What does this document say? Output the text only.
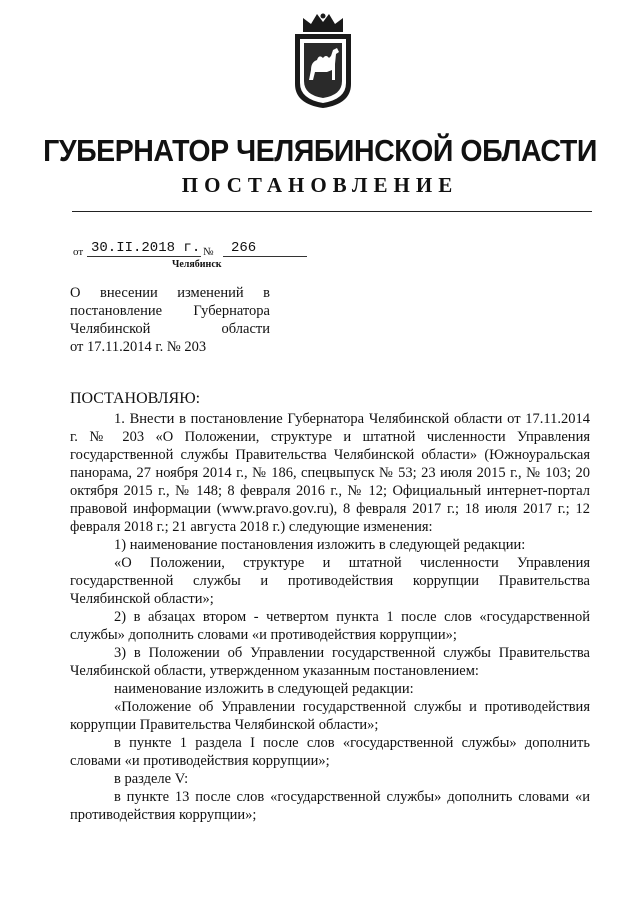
ГУБЕРНАТОР ЧЕЛЯБИНСКОЙ ОБЛАСТИ
ПОСТАНОВЛЕНИЕ
от 30.II.2018 г. №	266
Челябинск
О внесении изменений в
постановление Губернатора
Челябинской области
от 17.11.2014 г. № 203
ПОСТАНОВЛЯЮ:

1. Внести в постановление Губернатора Челябинской области от 17.11.2014 г. № 203 «О Положении, структуре и штатной численности Управления государственной службы Правительства Челябинской области» (Южноуральская панорама, 27 ноября 2014 г., № 186, спецвыпуск № 53; 23 июля 2015 г., № 103; 20 октября 2015 г., № 148; 8 февраля 2016 г., № 12; Официальный интернет-портал правовой информации (www.pravo.gov.ru), 8 февраля 2017 г.; 18 июля 2017 г.; 12 февраля 2018 г.; 21 августа 2018 г.) следующие изменения:

1) наименование постановления изложить в следующей редакции:

«О Положении, структуре и штатной численности Управления государственной службы и противодействия коррупции Правительства Челябинской области»;

2) в абзацах втором - четвертом пункта 1 после слов «государственной службы» дополнить словами «и противодействия коррупции»;

3) в Положении об Управлении государственной службы Правительства Челябинской области, утвержденном указанным постановлением:

наименование изложить в следующей редакции:

«Положение об Управлении государственной службы и противодействия коррупции Правительства Челябинской области»;

в пункте 1 раздела I после слов «государственной службы» дополнить словами «и противодействия коррупции»;

в разделе V:

в пункте 13 после слов «государственной службы» дополнить словами «и противодействия коррупции»;
